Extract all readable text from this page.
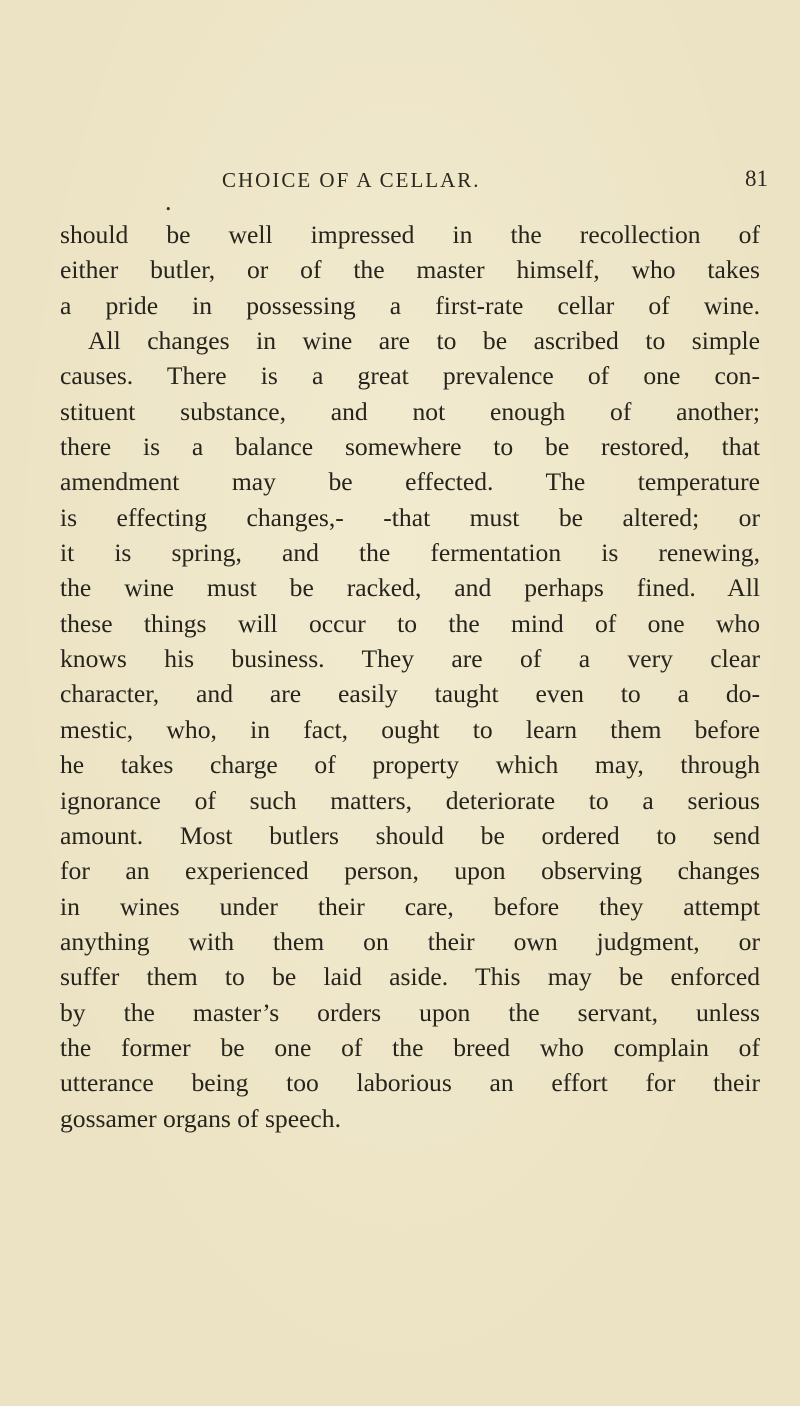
CHOICE OF A CELLAR.	81
•
should be well impressed in the recollection of
either butler, or of the master himself, who takes
a pride in possessing a first-rate cellar of wine.
All changes in wine are to be ascribed to simple
causes. There is a great prevalence of one con-
stituent substance, and not enough of another;
there is a balance somewhere to be restored, that
amendment may be effected. The temperature
is effecting changes,- -that must be altered; or
it is spring, and the fermentation is renewing,
the wine must be racked, and perhaps fined. All
these things will occur to the mind of one who
knows his business. They are of a very clear
character, and are easily taught even to a do-
mestic, who, in fact, ought to learn them before
he takes charge of property which may, through
ignorance of such matters, deteriorate to a serious
amount. Most butlers should be ordered to send
for an experienced person, upon observing changes
in wines under their care, before they attempt
anything with them on their own judgment, or
suffer them to be laid aside. This may be enforced
by the master’s orders upon the servant, unless
the former be one of the breed who complain of
utterance being too laborious an effort for their
gossamer organs of speech.
